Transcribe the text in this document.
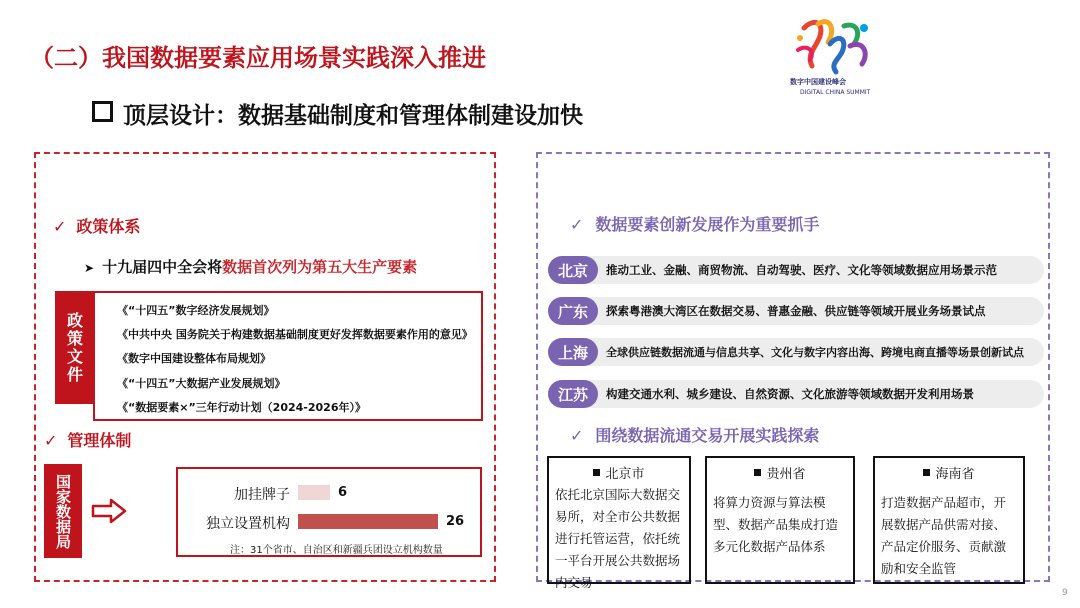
（二）我国数据要素应用场景实践深入推进
顶层设计：数据基础制度和管理体制建设加快
数字中国建设峰会
DIGITAL CHINA SUMMIT
✓ 政策体系
➤ 十九届四中全会将数据首次列为第五大生产要素
政策文件
《“十四五”数字经济发展规划》
《中共中央 国务院关于构建数据基础制度更好发挥数据要素作用的意见》
《数字中国建设整体布局规划》
《“十四五”大数据产业发展规划》
《“数据要素×”三年行动计划（2024-2026年）》
✓ 管理体制
国家数据局	加挂牌子	6
独立设置机构	26
注：31个省市、自治区和新疆兵团设立机构数量
✓ 数据要素创新发展作为重要抓手
北京	推动工业、金融、商贸物流、自动驾驶、医疗、文化等领域数据应用场景示范
广东	探索粤港澳大湾区在数据交易、普惠金融、供应链等领域开展业务场景试点
上海	全球供应链数据流通与信息共享、文化与数字内容出海、跨境电商直播等场景创新试点
江苏	构建交通水利、城乡建设、自然资源、文化旅游等领域数据开发利用场景
✓ 围绕数据流通交易开展实践探索
北京市
依托北京国际大数据交易所，对全市公共数据进行托管运营，依托统一平台开展公共数据场内交易
贵州省
将算力资源与算法模型、数据产品集成打造多元化数据产品体系
海南省
打造数据产品超市，开展数据产品供需对接、产品定价服务、贡献激励和安全监管
9
